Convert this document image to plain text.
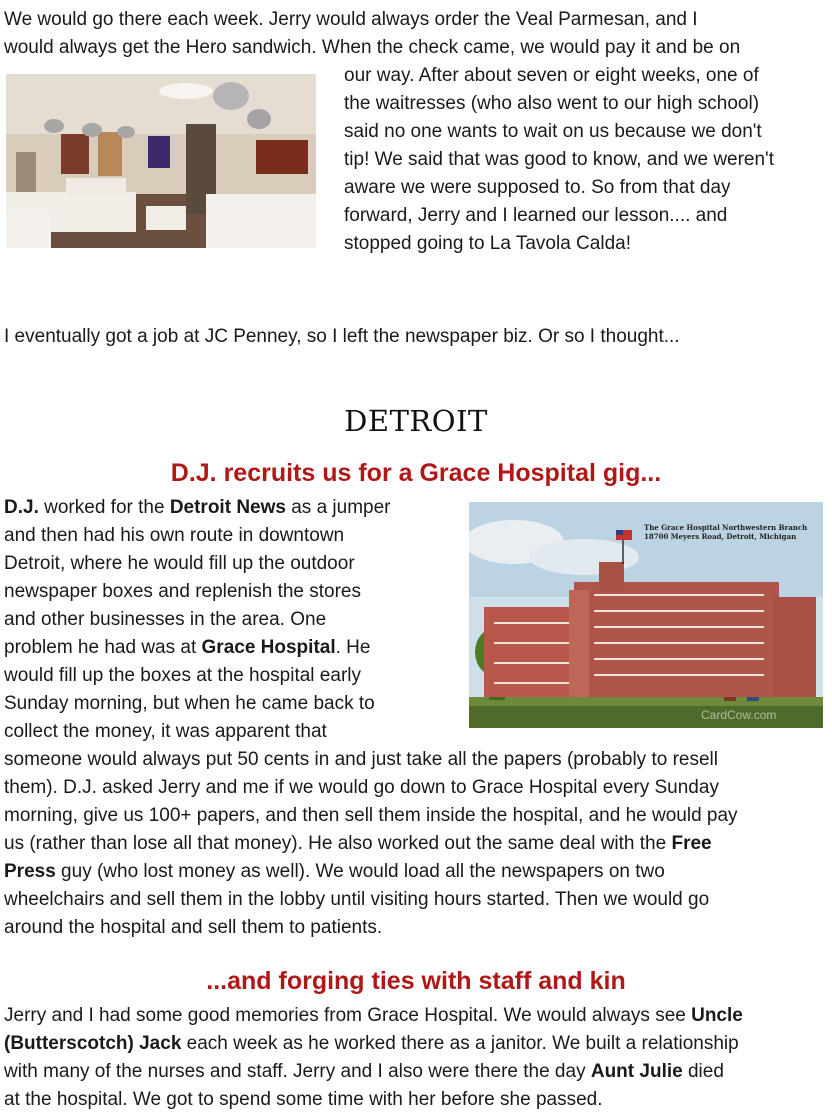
We would go there each week. Jerry would always order the Veal Parmesan, and I
would always get the Hero sandwich. When the check came, we would pay it and be on
our way. After about seven or eight weeks, one of
the waitresses (who also went to our high school)
said no one wants to wait on us because we don't
tip! We said that was good to know, and we weren't
aware we were supposed to. So from that day
forward, Jerry and I learned our lesson.... and
stopped going to La Tavola Calda!
I eventually got a job at JC Penney, so I left the newspaper biz. Or so I thought...
DETROIT
D.J. recruits us for a Grace Hospital gig...
The Grace Hospital Northwestern Branch
18700 Meyers Road, Detroit, Michigan
CardCow.com
D.J. worked for the Detroit News as a jumper
and then had his own route in downtown
Detroit, where he would fill up the outdoor
newspaper boxes and replenish the stores
and other businesses in the area. One
problem he had was at Grace Hospital. He
would fill up the boxes at the hospital early
Sunday morning, but when he came back to
collect the money, it was apparent that
someone would always put 50 cents in and just take all the papers (probably to resell
them). D.J. asked Jerry and me if we would go down to Grace Hospital every Sunday
morning, give us 100+ papers, and then sell them inside the hospital, and he would pay
us (rather than lose all that money). He also worked out the same deal with the Free
Press guy (who lost money as well). We would load all the newspapers on two
wheelchairs and sell them in the lobby until visiting hours started. Then we would go
around the hospital and sell them to patients.
...and forging ties with staff and kin
Jerry and I had some good memories from Grace Hospital. We would always see Uncle
(Butterscotch) Jack each week as he worked there as a janitor. We built a relationship
with many of the nurses and staff. Jerry and I also were there the day Aunt Julie died
at the hospital. We got to spend some time with her before she passed.
